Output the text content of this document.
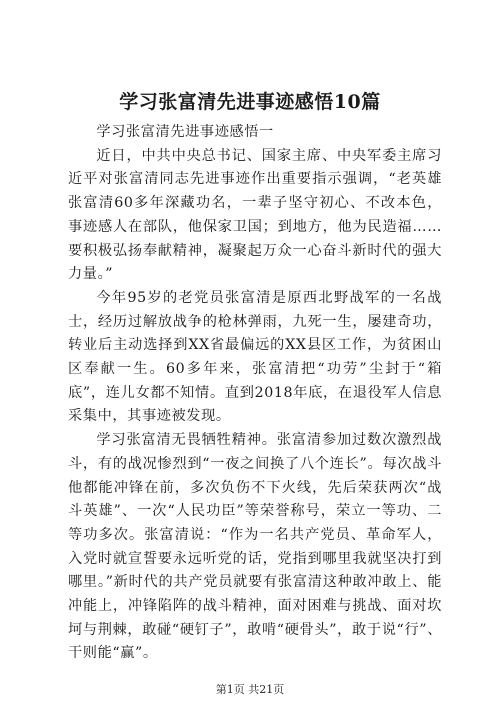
学习张富清先进事迹感悟10篇

学习张富清先进事迹感悟一

近日，中共中央总书记、国家主席、中央军委主席习近平对张富清同志先进事迹作出重要指示强调，“老英雄张富清60多年深藏功名，一辈子坚守初心、不改本色，事迹感人在部队，他保家卫国；到地方，他为民造福……要积极弘扬奉献精神，凝聚起万众一心奋斗新时代的强大力量。”

今年95岁的老党员张富清是原西北野战军的一名战士，经历过解放战争的枪林弹雨，九死一生，屡建奇功，转业后主动选择到XX省最偏远的XX县区工作，为贫困山区奉献一生。60多年来，张富清把“功劳”尘封于“箱底”，连儿女都不知情。直到2018年底，在退役军人信息采集中，其事迹被发现。

学习张富清无畏牺牲精神。张富清参加过数次激烈战斗，有的战况惨烈到“一夜之间换了八个连长”。每次战斗他都能冲锋在前，多次负伤不下火线，先后荣获两次“战斗英雄”、一次“人民功臣”等荣誉称号，荣立一等功、二等功多次。张富清说：“作为一名共产党员、革命军人，入党时就宣誓要永远听党的话，党指到哪里我就坚决打到哪里。”新时代的共产党员就要有张富清这种敢冲敢上、能冲能上，冲锋陷阵的战斗精神，面对困难与挑战、面对坎坷与荆棘，敢碰“硬钉子”，敢啃“硬骨头”，敢于说“行”、干则能“赢”。

第1页 共21页
